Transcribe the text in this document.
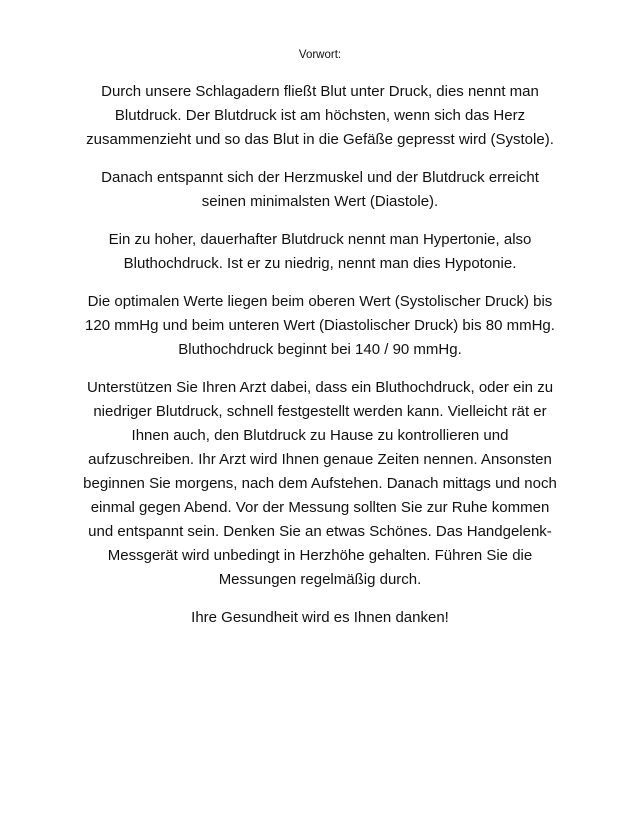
Vorwort:

Durch unsere Schlagadern fließt Blut unter Druck, dies nennt man
Blutdruck. Der Blutdruck ist am höchsten, wenn sich das Herz
zusammenzieht und so das Blut in die Gefäße gepresst wird (Systole).

Danach entspannt sich der Herzmuskel und der Blutdruck erreicht
seinen minimalsten Wert (Diastole).

Ein zu hoher, dauerhafter Blutdruck nennt man Hypertonie, also
Bluthochdruck. Ist er zu niedrig, nennt man dies Hypotonie.

Die optimalen Werte liegen beim oberen Wert (Systolischer Druck) bis
120 mmHg und beim unteren Wert (Diastolischer Druck) bis 80 mmHg.
Bluthochdruck beginnt bei 140 / 90 mmHg.

Unterstützen Sie Ihren Arzt dabei, dass ein Bluthochdruck, oder ein zu
niedriger Blutdruck, schnell festgestellt werden kann. Vielleicht rät er
Ihnen auch, den Blutdruck zu Hause zu kontrollieren und
aufzuschreiben. Ihr Arzt wird Ihnen genaue Zeiten nennen. Ansonsten
beginnen Sie morgens, nach dem Aufstehen. Danach mittags und noch
einmal gegen Abend. Vor der Messung sollten Sie zur Ruhe kommen
und entspannt sein. Denken Sie an etwas Schönes. Das Handgelenk-
Messgerät wird unbedingt in Herzhöhe gehalten. Führen Sie die
Messungen regelmäßig durch.

Ihre Gesundheit wird es Ihnen danken!
